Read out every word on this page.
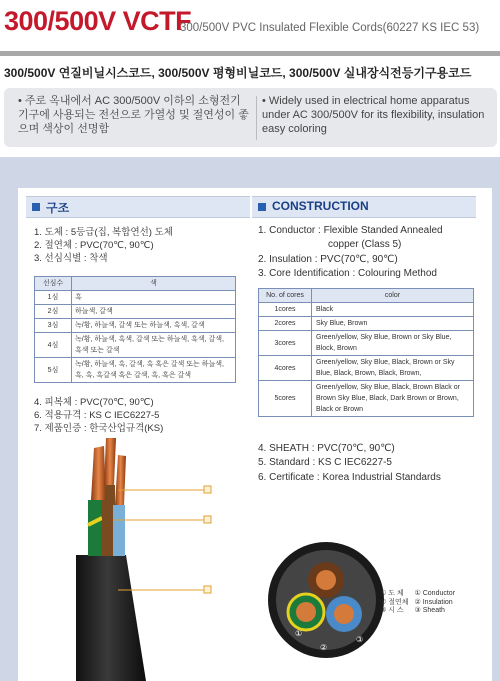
300/500V VCTF
300/500V PVC Insulated Flexible Cords(60227 KS IEC 53)
300/500V 연질비닐시스코드, 300/500V 평형비닐코드, 300/500V 실내장식전등기구용코드
• 주로 옥내에서 AC 300/500V 이하의 소형전기 기구에 사용되는 전선으로 가열성 및 절연성이 좋으며 색상이 선명함
• Widely used in electrical home apparatus under AC 300/500V for its flexibility, insulation easy coloring
구조	CONSTRUCTION
1. 도체 : 5등급(집, 복합연선) 도체
2. 절연체 : PVC(70℃, 90℃)
3. 선심식별 : 착색
선심수	색
1심	흑
2심	하늘색, 갈색
3심	녹/황, 하늘색, 갈색 또는 하늘색, 흑색, 갈색
4심	녹/황, 하늘색, 흑색, 갈색 또는 하늘색, 흑색, 갈색, 흑색 또는 갈색
5심	녹/황, 하늘색, 흑, 갈색, 흑 혹은 갈색 또는 하늘색, 흑, 흑, 흑갈색 혹은 갈색, 흑, 혹은 갈색
4. 피복체 : PVC(70℃, 90℃)
6. 적용규격 : KS C IEC6227-5
7. 제품인증 : 한국산업규격(KS)
1. Conductor : Flexible Standed Annealed
copper (Class 5)
2. Insulation : PVC(70℃, 90℃)
3. Core Identification : Colouring Method
No. of cores	color
1cores	Black
2cores	Sky Blue, Brown
3cores	Green/yellow, Sky Blue, Brown or Sky Blue, Block, Brown
4cores	Green/yellow, Sky Blue, Black, Brown or Sky Blue, Black, Brown, Black, Brown,
5cores	Green/yellow, Sky Blue, Black, Brown Black or Brown Sky Blue, Black, Dark Brown or Brown, Black or Brown
4. SHEATH : PVC(70℃, 90℃)
5. Standard : KS C IEC6227-5
6. Certificate : Korea Industrial Standards
①
②
③
① 도 체
② 절연체
③ 시 스
① Conductor
② Insulation
③ Sheath
